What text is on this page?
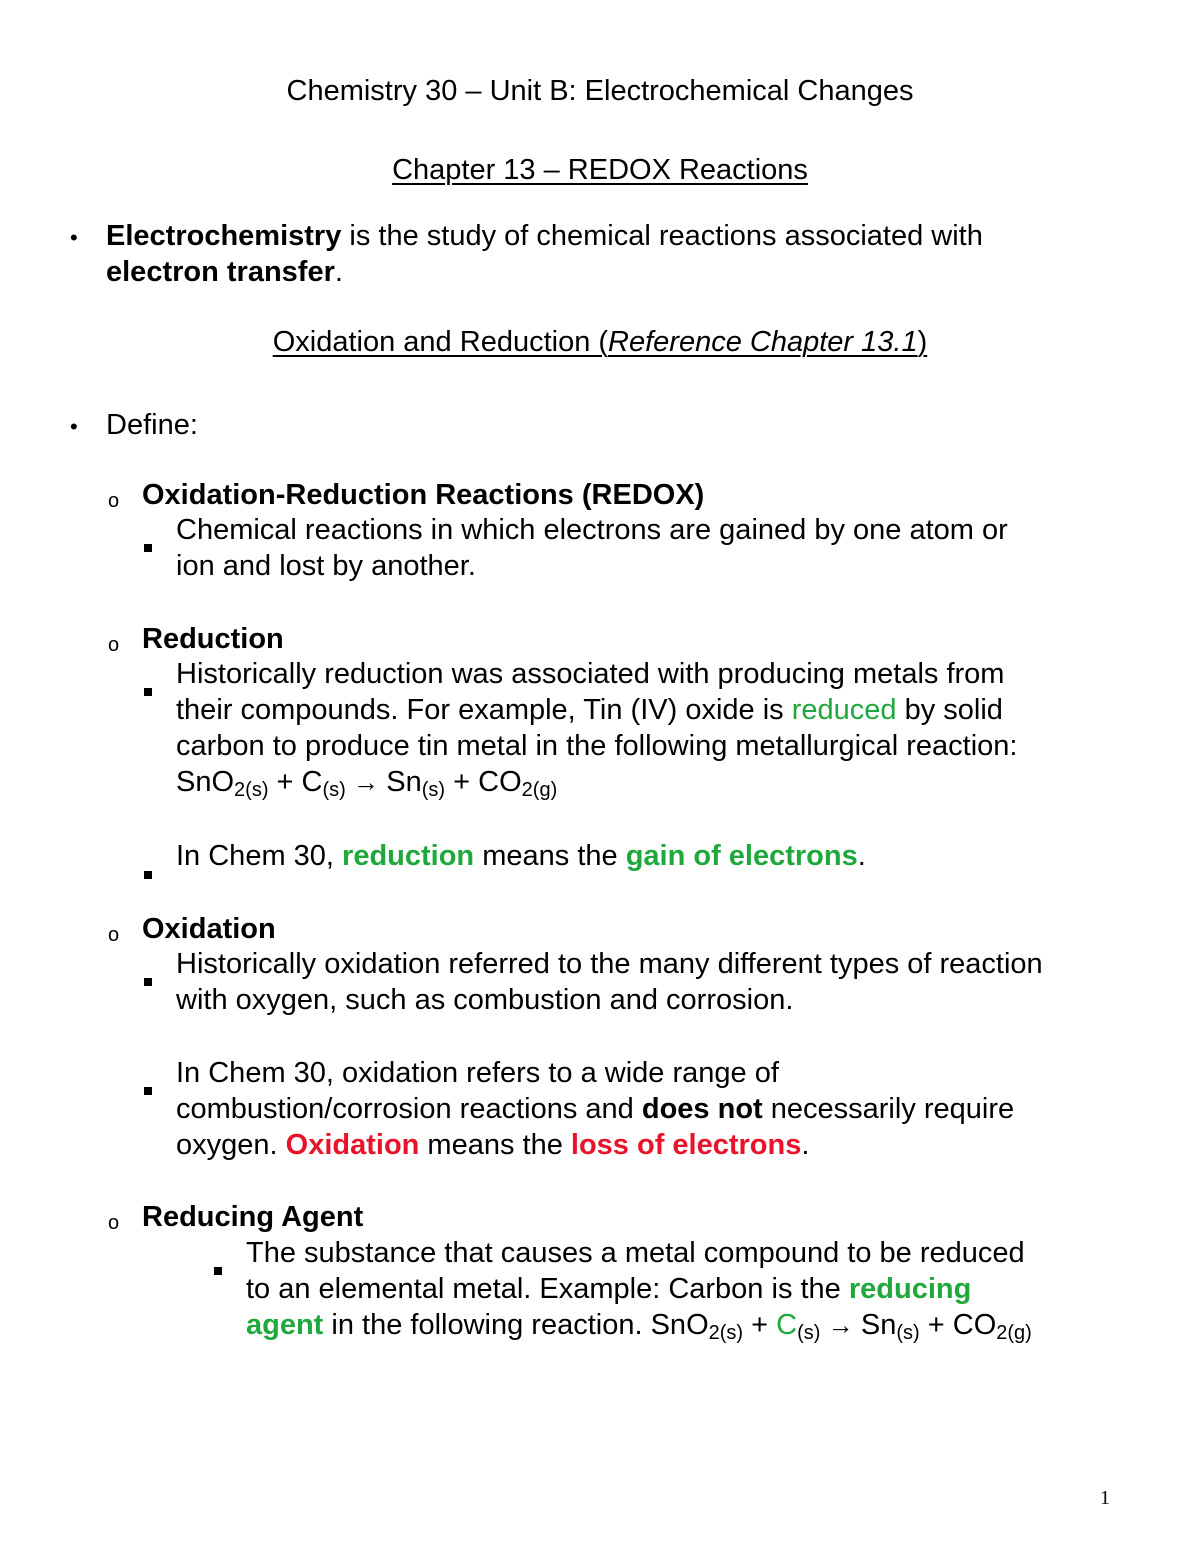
Chemistry 30 – Unit B: Electrochemical Changes
Chapter 13 – REDOX Reactions
• Electrochemistry is the study of chemical reactions associated with
electron transfer.
Oxidation and Reduction (Reference Chapter 13.1)
• Define:
o Oxidation-Reduction Reactions (REDOX)
Chemical reactions in which electrons are gained by one atom or
ion and lost by another.
o Reduction
Historically reduction was associated with producing metals from
their compounds. For example, Tin (IV) oxide is reduced by solid
carbon to produce tin metal in the following metallurgical reaction:
$SnO_{2(s)} + C_{(s)} \to Sn_{(s)} + CO_{2(g)}$
In Chem 30, reduction means the gain of electrons.
o Oxidation
Historically oxidation referred to the many different types of reaction
with oxygen, such as combustion and corrosion.
In Chem 30, oxidation refers to a wide range of
combustion/corrosion reactions and does not necessarily require
oxygen. Oxidation means the loss of electrons.
o Reducing Agent
The substance that causes a metal compound to be reduced
to an elemental metal. Example: Carbon is the reducing
agent in the following reaction. $SnO_{2(s)} + C_{(s)} \to Sn_{(s)} + CO_{2(g)}$
1
